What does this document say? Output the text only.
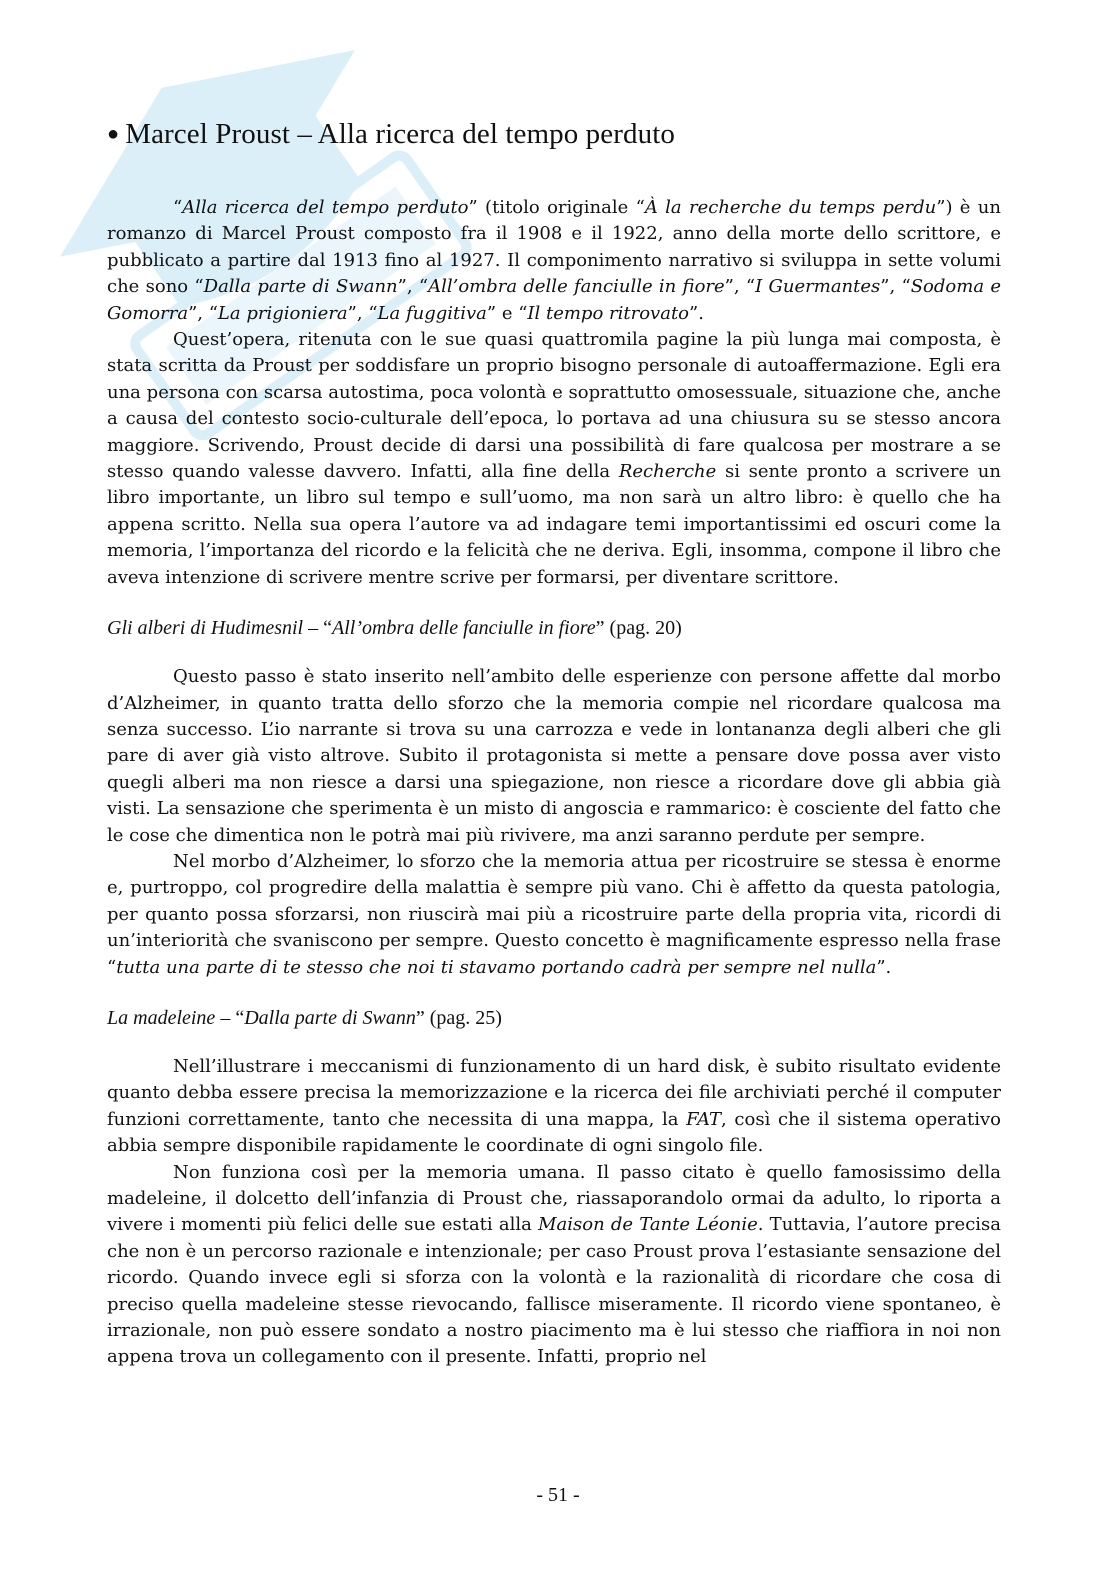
● Marcel Proust – Alla ricerca del tempo perduto

“Alla ricerca del tempo perduto” (titolo originale “À la recherche du temps perdu”) è un romanzo di Marcel Proust composto fra il 1908 e il 1922, anno della morte dello scrittore, e pubblicato a partire dal 1913 fino al 1927. Il componimento narrativo si sviluppa in sette volumi che sono “Dalla parte di Swann”, “All’ombra delle fanciulle in fiore”, “I Guermantes”, “Sodoma e Gomorra”, “La prigioniera”, “La fuggitiva” e “Il tempo ritrovato”.

Quest’opera, ritenuta con le sue quasi quattromila pagine la più lunga mai composta, è stata scritta da Proust per soddisfare un proprio bisogno personale di autoaffermazione. Egli era una persona con scarsa autostima, poca volontà e soprattutto omosessuale, situazione che, anche a causa del contesto socio-culturale dell’epoca, lo portava ad una chiusura su se stesso ancora maggiore. Scrivendo, Proust decide di darsi una possibilità di fare qualcosa per mostrare a se stesso quando valesse davvero. Infatti, alla fine della Recherche si sente pronto a scrivere un libro importante, un libro sul tempo e sull’uomo, ma non sarà un altro libro: è quello che ha appena scritto. Nella sua opera l’autore va ad indagare temi importantissimi ed oscuri come la memoria, l’importanza del ricordo e la felicità che ne deriva. Egli, insomma, compone il libro che aveva intenzione di scrivere mentre scrive per formarsi, per diventare scrittore.

Gli alberi di Hudimesnil – “All’ombra delle fanciulle in fiore” (pag. 20)

Questo passo è stato inserito nell’ambito delle esperienze con persone affette dal morbo d’Alzheimer, in quanto tratta dello sforzo che la memoria compie nel ricordare qualcosa ma senza successo. L’io narrante si trova su una carrozza e vede in lontananza degli alberi che gli pare di aver già visto altrove. Subito il protagonista si mette a pensare dove possa aver visto quegli alberi ma non riesce a darsi una spiegazione, non riesce a ricordare dove gli abbia già visti. La sensazione che sperimenta è un misto di angoscia e rammarico: è cosciente del fatto che le cose che dimentica non le potrà mai più rivivere, ma anzi saranno perdute per sempre.

Nel morbo d’Alzheimer, lo sforzo che la memoria attua per ricostruire se stessa è enorme e, purtroppo, col progredire della malattia è sempre più vano. Chi è affetto da questa patologia, per quanto possa sforzarsi, non riuscirà mai più a ricostruire parte della propria vita, ricordi di un’interiorità che svaniscono per sempre. Questo concetto è magnificamente espresso nella frase “tutta una parte di te stesso che noi ti stavamo portando cadrà per sempre nel nulla”.

La madeleine – “Dalla parte di Swann” (pag. 25)

Nell’illustrare i meccanismi di funzionamento di un hard disk, è subito risultato evidente quanto debba essere precisa la memorizzazione e la ricerca dei file archiviati perché il computer funzioni correttamente, tanto che necessita di una mappa, la FAT, così che il sistema operativo abbia sempre disponibile rapidamente le coordinate di ogni singolo file.

Non funziona così per la memoria umana. Il passo citato è quello famosissimo della madeleine, il dolcetto dell’infanzia di Proust che, riassaporandolo ormai da adulto, lo riporta a vivere i momenti più felici delle sue estati alla Maison de Tante Léonie. Tuttavia, l’autore precisa che non è un percorso razionale e intenzionale; per caso Proust prova l’estasiante sensazione del ricordo. Quando invece egli si sforza con la volontà e la razionalità di ricordare che cosa di preciso quella madeleine stesse rievocando, fallisce miseramente. Il ricordo viene spontaneo, è irrazionale, non può essere sondato a nostro piacimento ma è lui stesso che riaffiora in noi non appena trova un collegamento con il presente. Infatti, proprio nel

- 51 -
